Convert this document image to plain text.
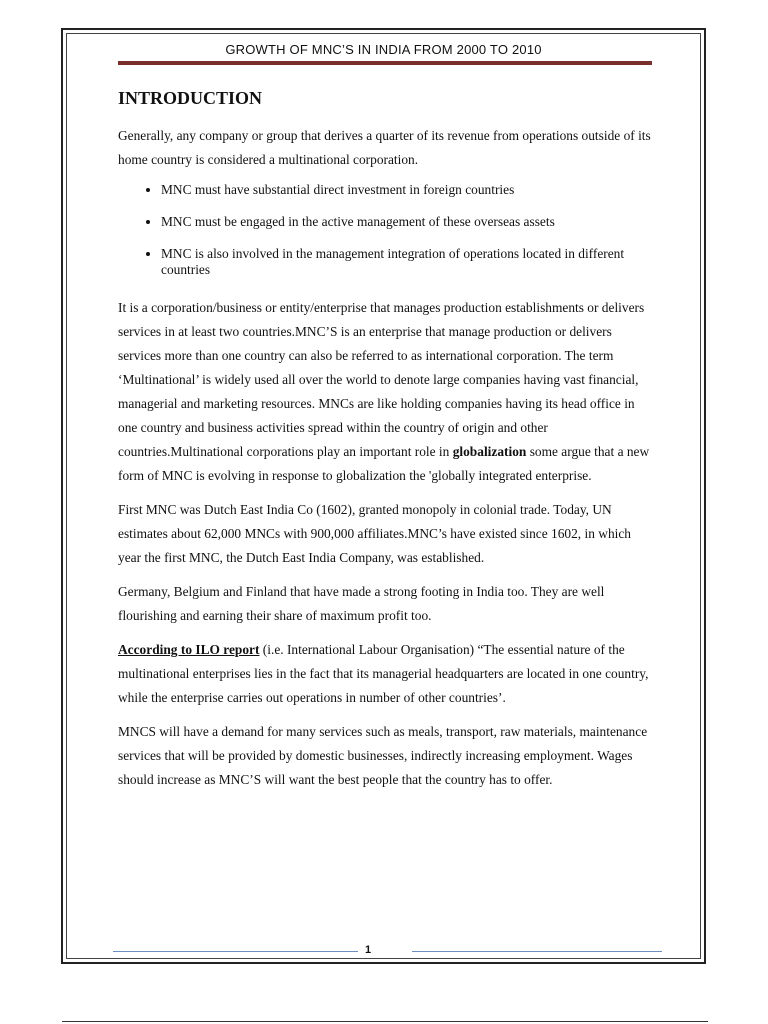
GROWTH OF MNC’S IN INDIA FROM 2000 TO 2010
INTRODUCTION

Generally, any company or group that derives a quarter of its revenue from operations outside of its home country is considered a multinational corporation.

• MNC must have substantial direct investment in foreign countries
• MNC must be engaged in the active management of these overseas assets
• MNC is also involved in the management integration of operations located in different countries

It is a corporation/business or entity/enterprise that manages production establishments or delivers services in at least two countries.MNC’S is an enterprise that manage production or delivers services more than one country can also be referred to as international corporation. The term ‘Multinational’ is widely used all over the world to denote large companies having vast financial, managerial and marketing resources. MNCs are like holding companies having its head office in one country and business activities spread within the country of origin and other countries.Multinational corporations play an important role in globalization some argue that a new form of MNC is evolving in response to globalization the 'globally integrated enterprise.

First MNC was Dutch East India Co (1602), granted monopoly in colonial trade. Today, UN estimates about 62,000 MNCs with 900,000 affiliates.MNC’s have existed since 1602, in which year the first MNC, the Dutch East India Company, was established.

Germany, Belgium and Finland that have made a strong footing in India too. They are well flourishing and earning their share of maximum profit too.

According to ILO report (i.e. International Labour Organisation) “The essential nature of the multinational enterprises lies in the fact that its managerial headquarters are located in one country, while the enterprise carries out operations in number of other countries’.

MNCS will have a demand for many services such as meals, transport, raw materials, maintenance services that will be provided by domestic businesses, indirectly increasing employment. Wages should increase as MNC’S will want the best people that the country has to offer.

1
